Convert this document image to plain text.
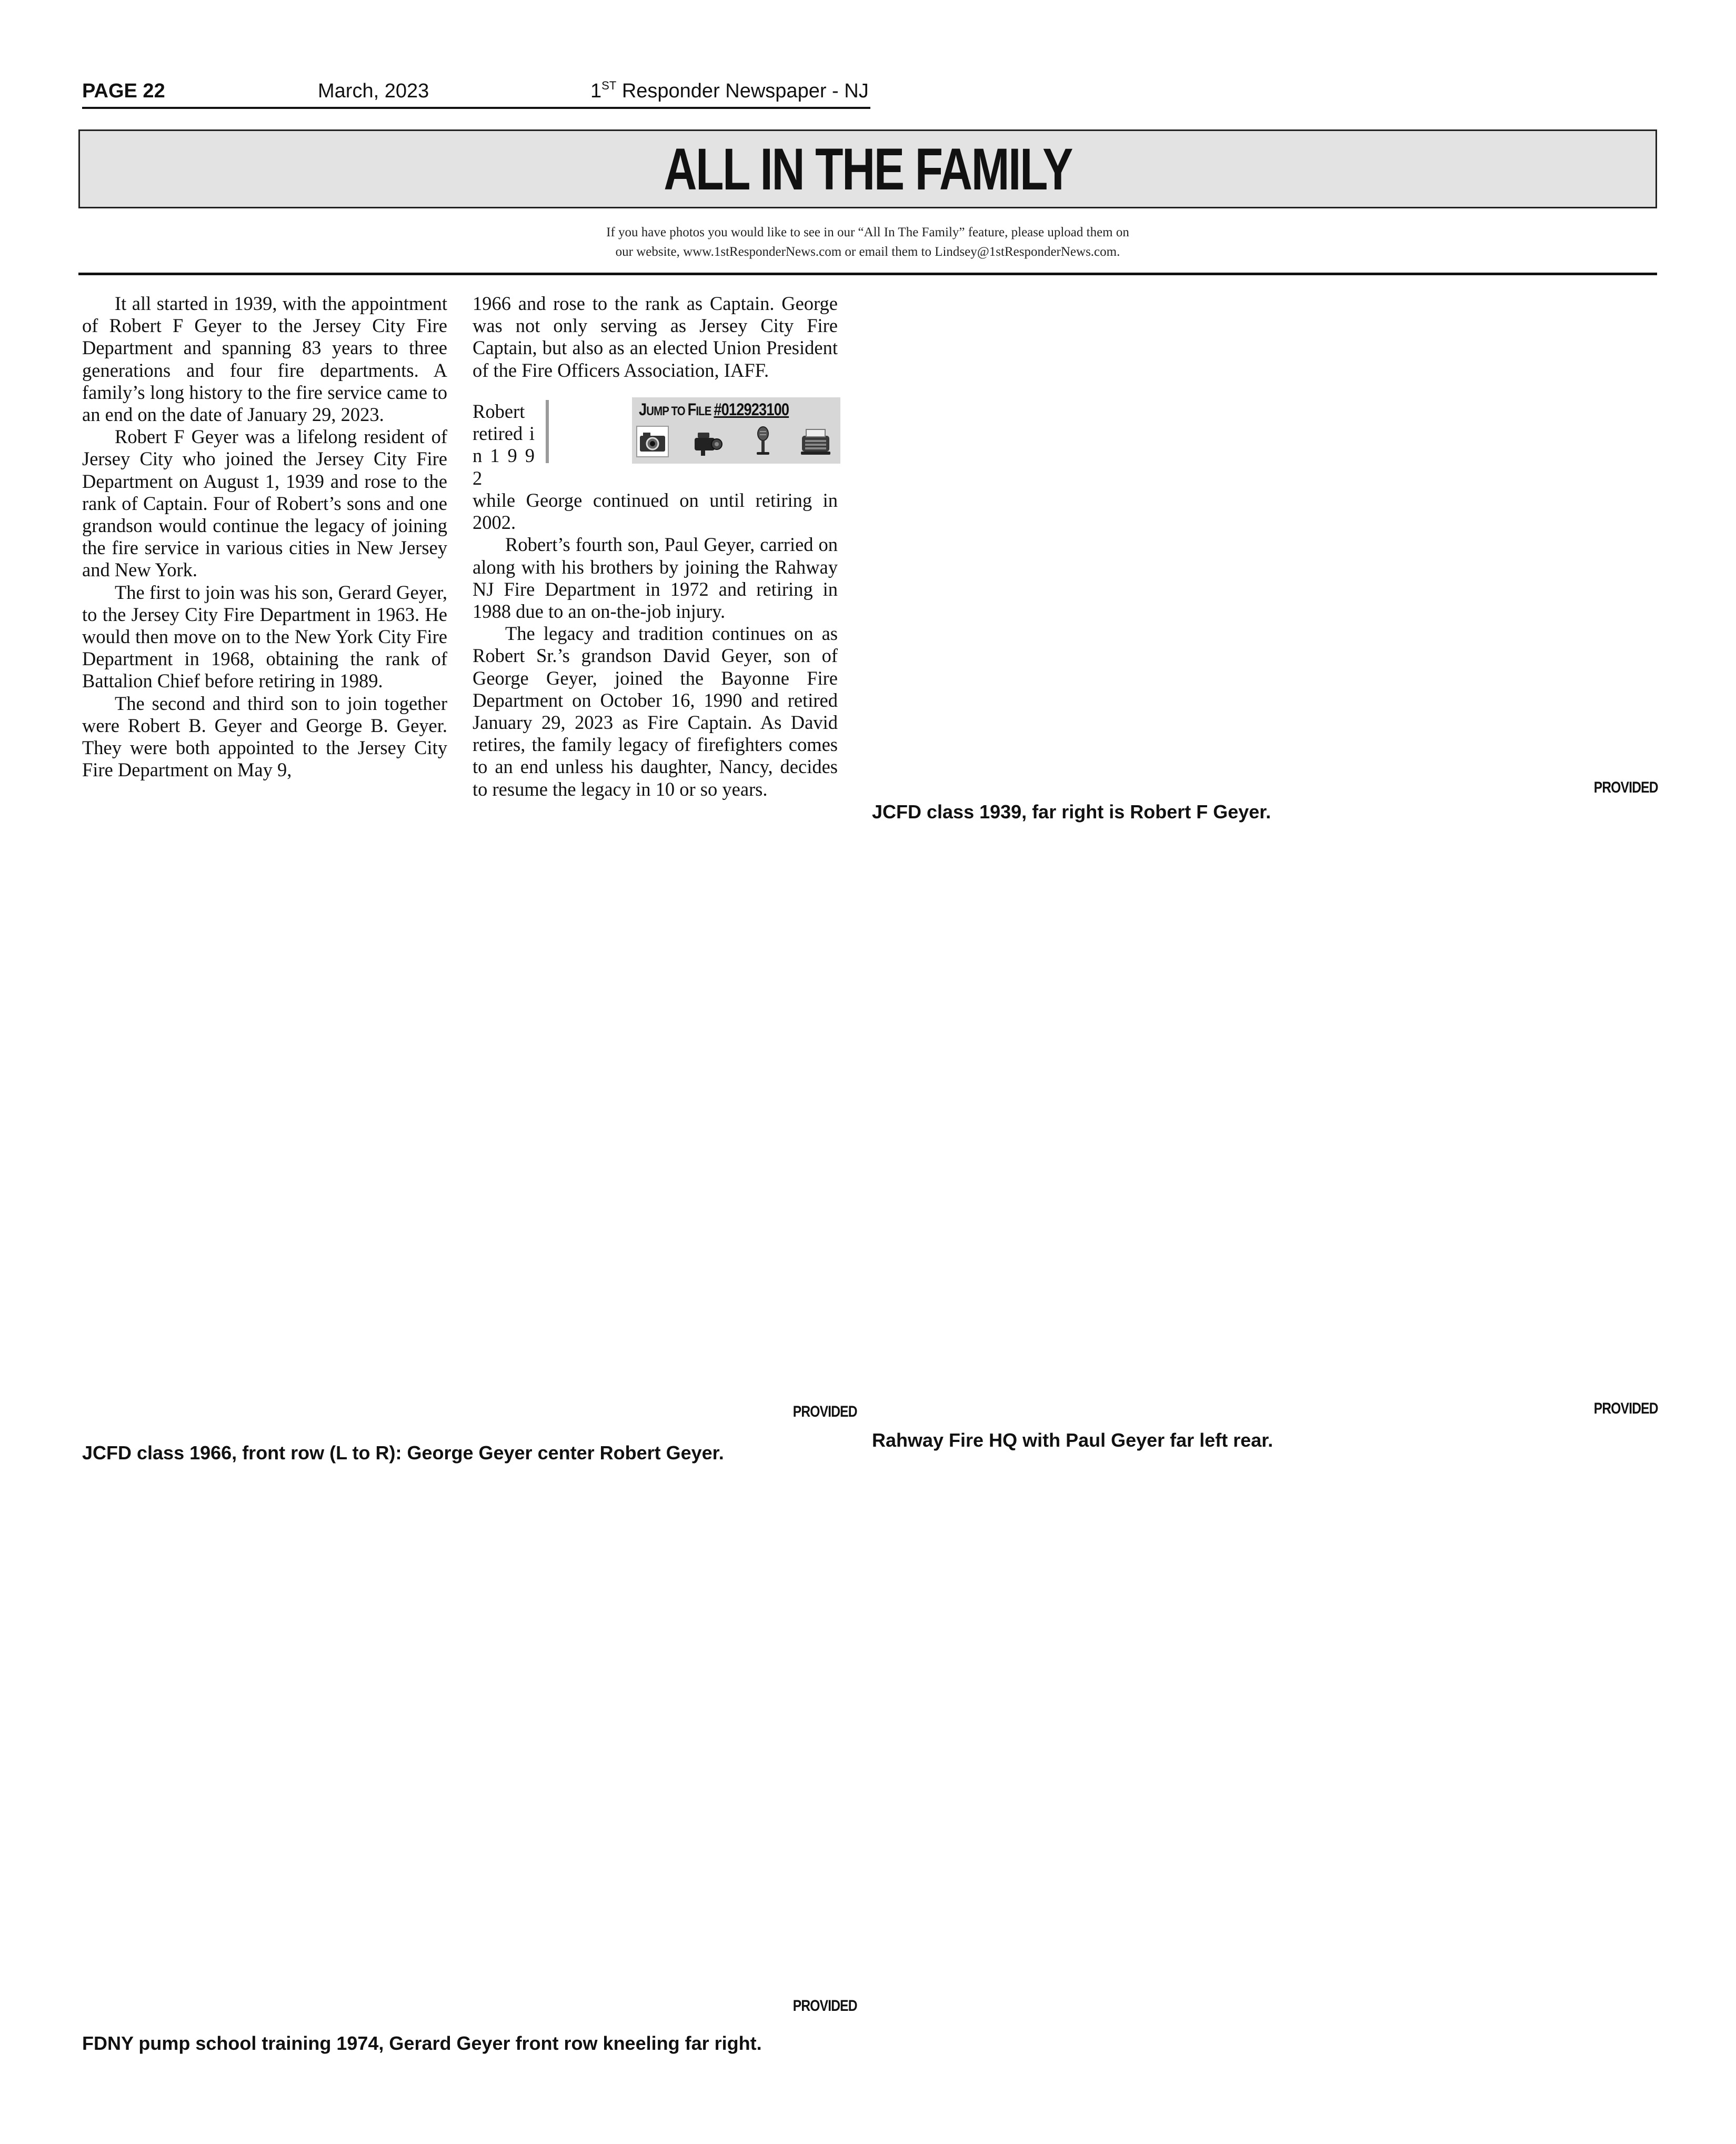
PAGE 22	March, 2023	1ST Responder Newspaper - NJ
ALL IN THE FAMILY
If you have photos you would like to see in our “All In The Family” feature, please upload them on
our website, www.1stResponderNews.com or email them to Lindsey@1stResponderNews.com.

It all started in 1939, with the appointment of Robert F Geyer to the Jersey City Fire Department and spanning 83 years to three generations and four fire departments. A family’s long history to the fire service came to an end on the date of January 29, 2023.

Robert F Geyer was a lifelong resident of Jersey City who joined the Jersey City Fire Department on August 1, 1939 and rose to the rank of Captain. Four of Robert’s sons and one grandson would continue the legacy of joining the fire service in various cities in New Jersey and New York.

The first to join was his son, Gerard Geyer, to the Jersey City Fire Department in 1963. He would then move on to the New York City Fire Department in 1968, obtaining the rank of Battalion Chief before retiring in 1989.

The second and third son to join together were Robert B. Geyer and George B. Geyer. They were both appointed to the Jersey City Fire Department on May 9,

1966 and rose to the rank as Captain. George was not only serving as Jersey City Fire Captain, but also as an elected Union President of the Fire Officers Association, IAFF.

Robert retired i n 1 9 9 2

while George continued on until retiring in 2002.

Robert’s fourth son, Paul Geyer, carried on along with his brothers by joining the Rahway NJ Fire Department in 1972 and retiring in 1988 due to an on-the-job injury.

The legacy and tradition continues on as Robert Sr.’s grandson David Geyer, son of George Geyer, joined the Bayonne Fire Department on October 16, 1990 and retired January 29, 2023 as Fire Captain. As David retires, the family legacy of firefighters comes to an end unless his daughter, Nancy, decides to resume the legacy in 10 or so years.

JUMP TO FILE #012923100
PROVIDED
JCFD class 1939, far right is Robert F Geyer.
PROVIDED
JCFD class 1966, front row (L to R): George Geyer center Robert Geyer.
PROVIDED
Rahway Fire HQ with Paul Geyer far left rear.
PROVIDED
FDNY pump school training 1974, Gerard Geyer front row kneeling far right.
